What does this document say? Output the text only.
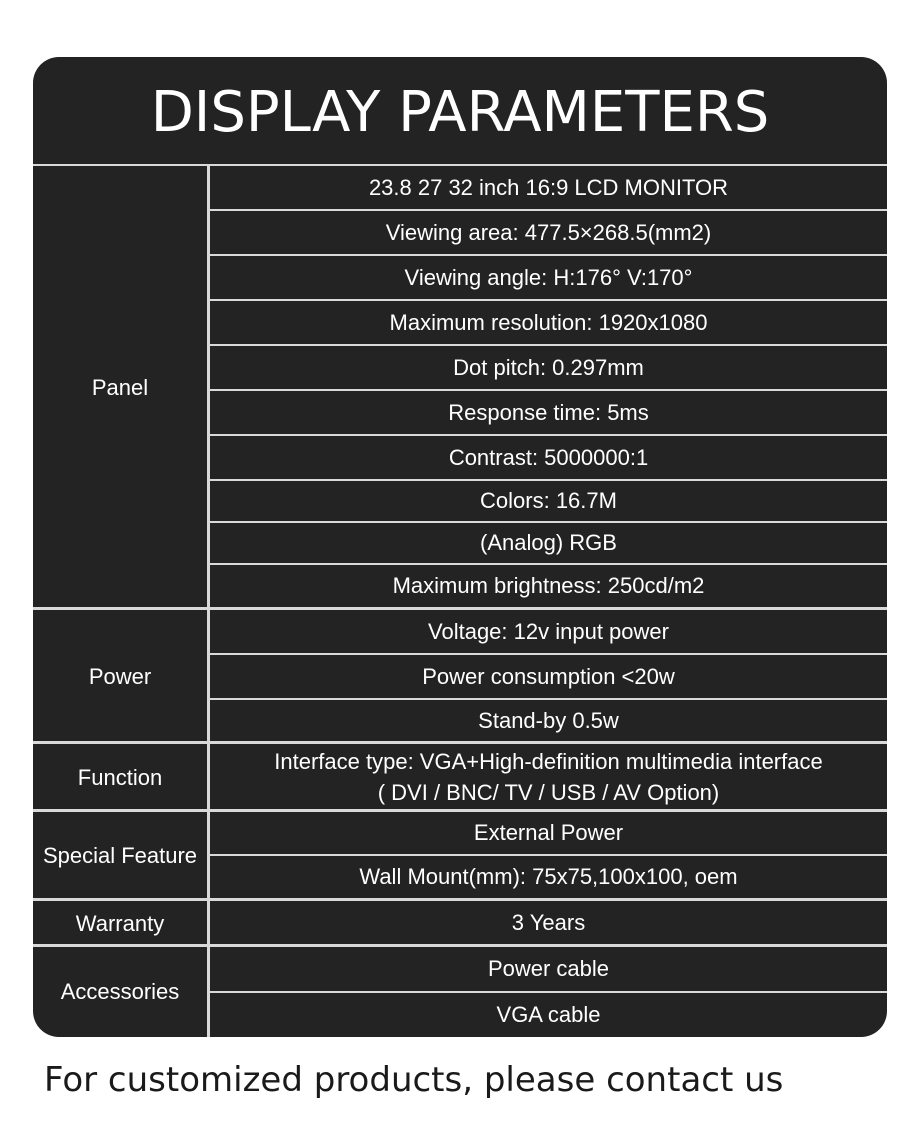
DISPLAY PARAMETERS
Panel
23.8 27 32 inch 16:9 LCD MONITOR
Viewing area: 477.5×268.5(mm2)
Viewing angle: H:176° V:170°
Maximum resolution: 1920x1080
Dot pitch: 0.297mm
Response time: 5ms
Contrast: 5000000:1
Colors: 16.7M
(Analog) RGB
Maximum brightness: 250cd/m2
Power
Voltage: 12v input power
Power consumption <20w
Stand-by 0.5w
Function
Interface type: VGA+High-definition multimedia interface
( DVI / BNC/ TV / USB / AV Option)
Special Feature
External Power
Wall Mount(mm): 75x75,100x100, oem
Warranty	3 Years
Accessories
Power cable
VGA cable
For customized products, please contact us
